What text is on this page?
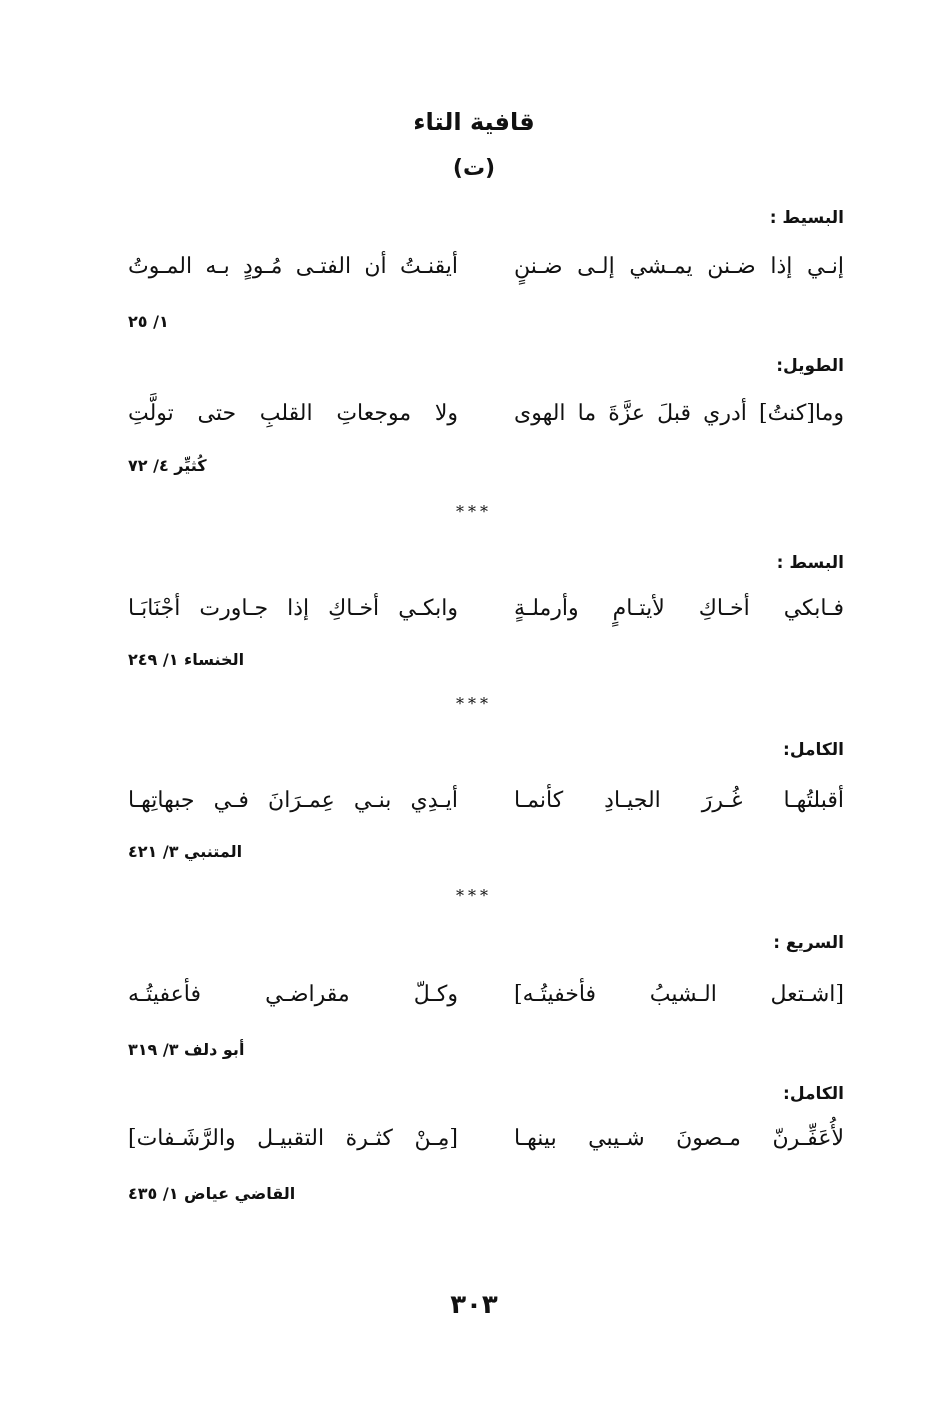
قافية التاء
(ت)
البسيط :
إنـي إذا ضـنن يمـشي إلـى ضـننٍ
أيقنـتُ أن الفتـى مُـودٍ بـه المـوتُ
١/ ٢٥
الطويل:
وما[كنتُ] أدري قبلَ عزَّةَ ما الهوى
ولا موجعاتِ القلبِ حتى تولَّتِ
كُثيِّر ٤/ ٧٢
***
البسط :
فـابكي أخـاكِ لأيتـامٍ وأرملـةٍ
وابكـي أخـاكِ إذا جـاورت أجْنَابَـا
الخنساء ١/ ٢٤٩
***
الكامل:
أقبلتُهـا غُـررَ الجيـادِ كأنمـا
أيـدِي بنـي عِمـرَانَ فـي جبهاتِهـا
المتنبي ٣/ ٤٢١
***
السريع :
[اشـتعل الـشيبُ فأخفيتُـه]
وكـلّ مقراضـي فأعفيتُـه
أبو دلف ٣/ ٣١٩
الكامل:
لأُعَفِّـرنّ مـصونَ شـيبي بينهـا
[مِـنْ كثـرة التقبيـل والرَّشَـفات]
القاضي عياض ١/ ٤٣٥
٣٠٣
